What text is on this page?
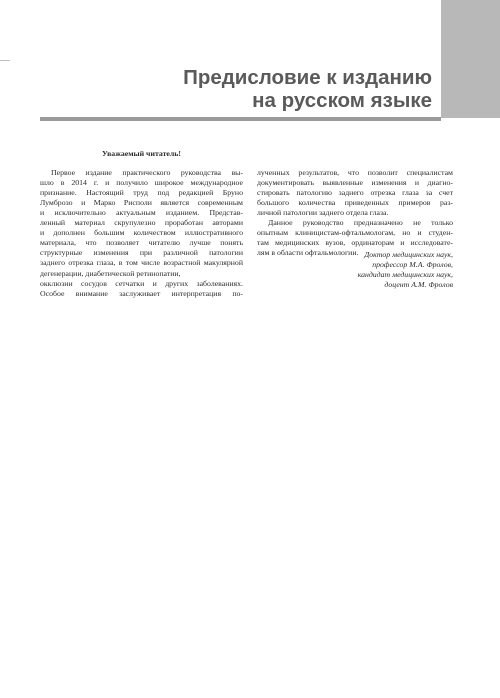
Предисловие к изданию
на русском языке
Уважаемый читатель!
Первое издание практического руководства вы-
шло в 2014 г. и получило широкое международное
признание. Настоящий труд под редакцией Бруно
Лумброзо и Марко Рисполи является современным
и исключительно актуальным изданием. Представ-
ленный материал скрупулезно проработан авторами
и дополнен большим количеством иллюстративного
материала, что позволяет читателю лучше понять
структурные изменения при различной патологии
заднего отрезка глаза, в том числе возрастной макулярной дегенерации, диабетической ретинопатии,
окклюзии сосудов сетчатки и других заболеваниях.
Особое внимание заслуживает интерпретация по-
лученных результатов, что позволит специалистам
документировать выявленные изменения и диагно-
стировать патологию заднего отрезка глаза за счет
большого количества приведенных примеров раз-
личной патологии заднего отдела глаза.
Данное руководство предназначено не только
опытным клиницистам-офтальмологам, но и студен-
там медицинских вузов, ординаторам и исследовате-
лям в области офтальмологии. Доктор медицинских наук,
профессор М.А. Фролов,
кандидат медицинских наук,
доцент А.М. Фролов
